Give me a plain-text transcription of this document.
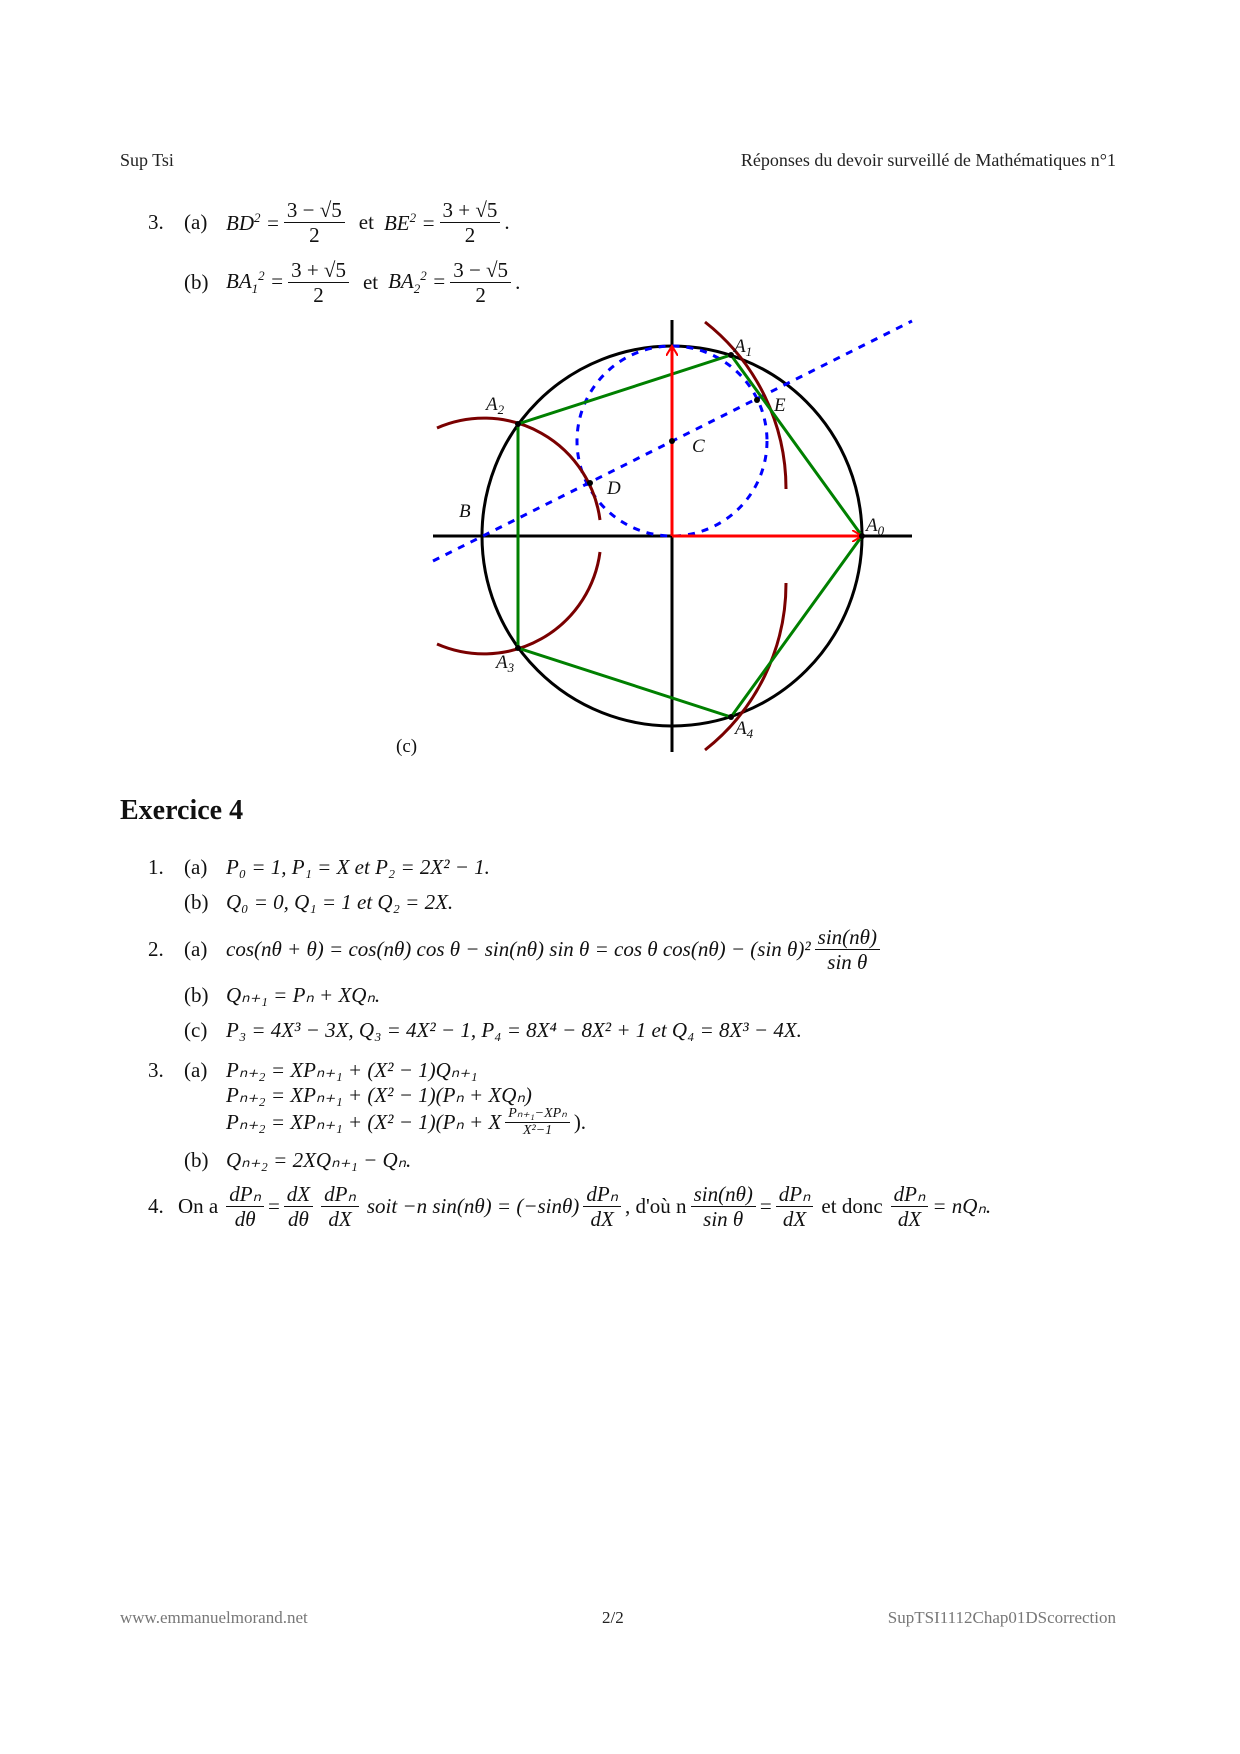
Sup Tsi	Réponses du devoir surveillé de Mathématiques n°1
3. (a) $BD^2 = \frac{3 - √5}{2}$ et $BE^2 = \frac{3 + √5}{2}$ .
(b) $BA_1^2 = \frac{3 + √5}{2}$ et $BA_2^2 = \frac{3 - √5}{2}$ .
$A_1$
$A_2$
$A_3$
$A_4$
$A_0$
B
C
D
E
(c)
Exercice 4
1. (a) P₀ = 1, P₁ = X et P₂ = 2X² − 1.
(b) Q₀ = 0, Q₁ = 1 et Q₂ = 2X.
2. (a) cos(nθ + θ) = cos(nθ) cos θ − sin(nθ) sin θ = cos θ cos(nθ) − (sin $\theta)^2 \frac{\sin(n\theta)}{\text{sin θ}}$
(b) Qₙ₊₁ = Pₙ + XQₙ.
(c) P₃ = 4X³ − 3X, Q₃ = 4X² − 1, P₄ = 8X⁴ − 8X² + 1 et Q₄ = 8X³ − 4X.
3. (a) Pₙ₊₂ = XPₙ₊₁ + (X² − 1)Qₙ₊₁
Pₙ₊₂ = XPₙ₊₁ + (X² − 1)(Pₙ + XQₙ)
Pₙ₊₂ = XPₙ₊₁ + (X² − 1)(Pₙ + X $\frac{\text{Pₙ₊₁−XPₙ}}{\text{X²−1}}$ ).
(b) Qₙ₊₂ = 2XQₙ₊₁ − Qₙ.
4. On a $\frac{\text{dPₙ}}{d\theta} = \frac{dX}{d\theta} \frac{\text{dPₙ}}{dX}$ soit −n $\sin(n\theta) = (-\sin\theta) \frac{\text{dPₙ}}{dX}$ , d'où n $\frac{\sin(n\theta)}{\text{sin θ}} = \frac{\text{dPₙ}}{dX}$ et donc $\frac{\text{dPₙ}}{dX} = nQ_n$.
www.emmanuelmorand.net	2/2	SupTSI1112Chap01DScorrection
